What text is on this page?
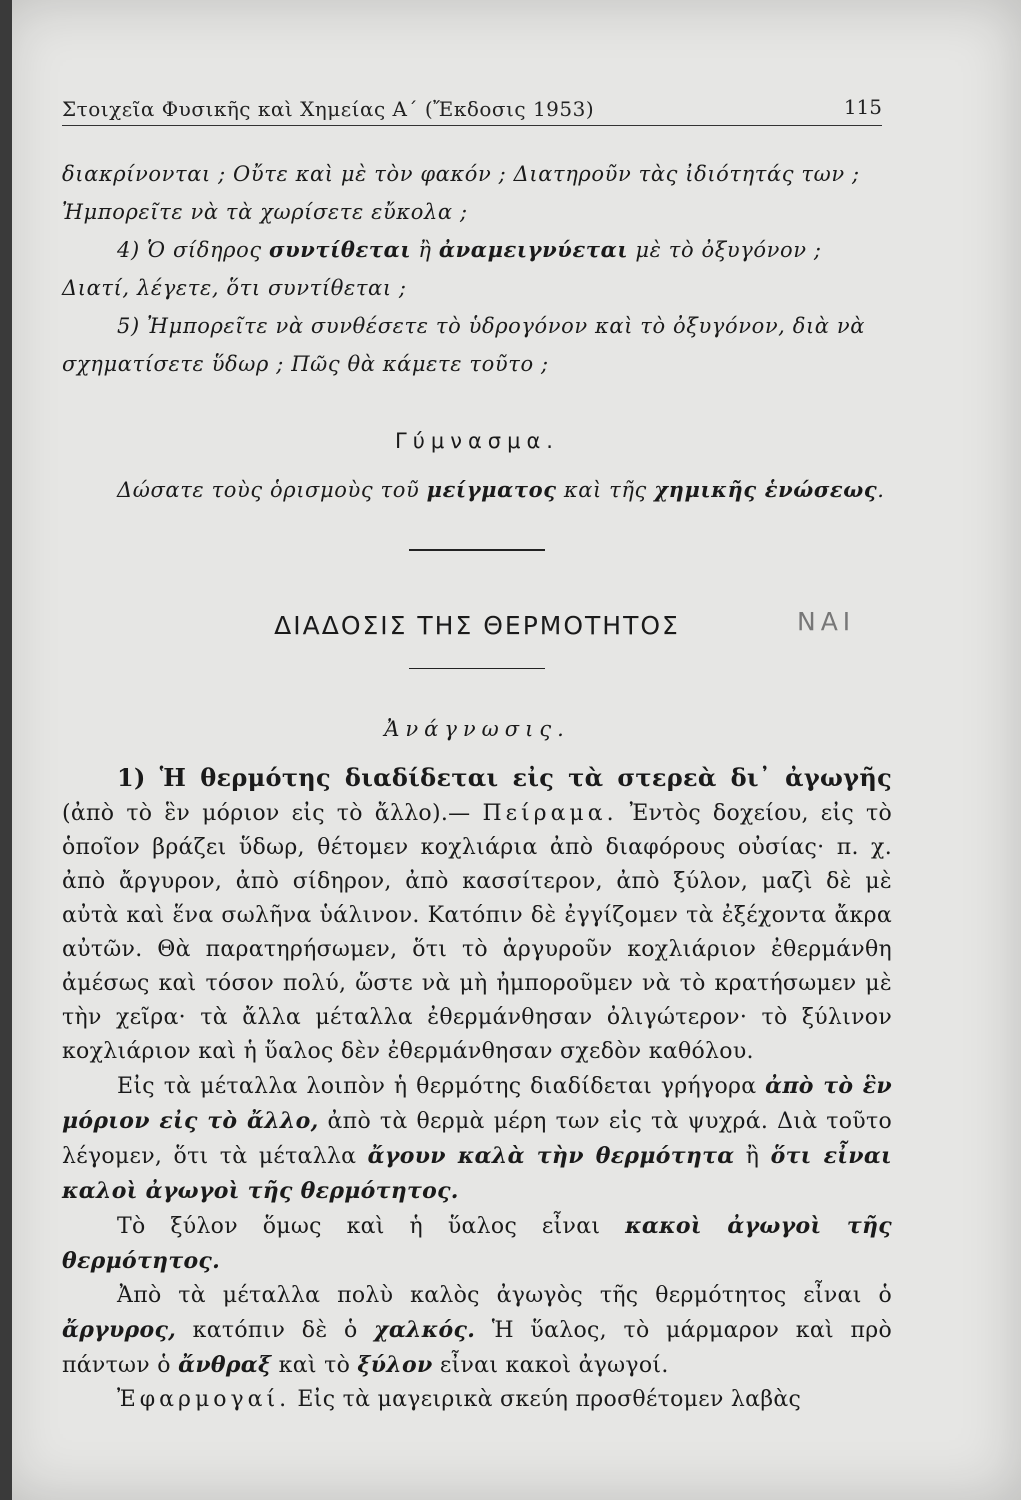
Στοιχεῖα Φυσικῆς καὶ Χημείας Α΄ (Ἔκδοσις 1953)	115

διακρίνονται ; Οὔτε καὶ μὲ τὸν φακόν ; Διατηροῦν τὰς ἰδιότητάς των ;

Ἠμπορεῖτε νὰ τὰ χωρίσετε εὔκολα ;

4) Ὁ σίδηρος συντίθεται ἢ ἀναμειγνύεται μὲ τὸ ὀξυγόνον ; Διατί, λέγετε, ὅτι συντίθεται ;

5) Ἠμπορεῖτε νὰ συνθέσετε τὸ ὑδρογόνον καὶ τὸ ὀξυγόνον, διὰ νὰ σχηματίσετε ὕδωρ ; Πῶς θὰ κάμετε τοῦτο ;

Γύμνασμα.

Δώσατε τοὺς ὁρισμοὺς τοῦ μείγματος καὶ τῆς χημικῆς ἑνώσεως.

ΔΙΑΔΟΣΙΣ ΤΗΣ ΘΕΡΜΟΤΗΤΟΣ	ΝΑΙ
Ἀνάγνωσις.

1) Ἡ θερμότης διαδίδεται εἰς τὰ στερεὰ δι᾽ ἀγωγῆς (ἀπὸ τὸ ἓν μόριον εἰς τὸ ἄλλο).— Πείραμα. Ἐντὸς δοχείου, εἰς τὸ ὁποῖον βράζει ὕδωρ, θέτομεν κοχλιάρια ἀπὸ διαφόρους οὐσίας· π. χ. ἀπὸ ἄργυρον, ἀπὸ σίδηρον, ἀπὸ κασσίτερον, ἀπὸ ξύλον, μαζὶ δὲ μὲ αὐτὰ καὶ ἕνα σωλῆνα ὑάλινον. Κατόπιν δὲ ἐγγίζομεν τὰ ἐξέχοντα ἄκρα αὐτῶν. Θὰ παρατηρήσωμεν, ὅτι τὸ ἀργυροῦν κοχλιάριον ἐθερμάνθη ἀμέσως καὶ τόσον πολύ, ὥστε νὰ μὴ ἠμποροῦμεν νὰ τὸ κρατήσωμεν μὲ τὴν χεῖρα· τὰ ἄλλα μέταλλα ἐθερμάνθησαν ὀλιγώτερον· τὸ ξύλινον κοχλιάριον καὶ ἡ ὕαλος δὲν ἐθερμάνθησαν σχεδὸν καθόλου.

Εἰς τὰ μέταλλα λοιπὸν ἡ θερμότης διαδίδεται γρήγορα ἀπὸ τὸ ἓν μόριον εἰς τὸ ἄλλο, ἀπὸ τὰ θερμὰ μέρη των εἰς τὰ ψυχρά. Διὰ τοῦτο λέγομεν, ὅτι τὰ μέταλλα ἄγουν καλὰ τὴν θερμότητα ἢ ὅτι εἶναι καλοὶ ἀγωγοὶ τῆς θερμότητος.

Τὸ ξύλον ὅμως καὶ ἡ ὕαλος εἶναι κακοὶ ἀγωγοὶ τῆς θερμότητος.

Ἀπὸ τὰ μέταλλα πολὺ καλὸς ἀγωγὸς τῆς θερμότητος εἶναι ὁ ἄργυρος, κατόπιν δὲ ὁ χαλκός. Ἡ ὕαλος, τὸ μάρμαρον καὶ πρὸ πάντων ὁ ἄνθραξ καὶ τὸ ξύλον εἶναι κακοὶ ἀγωγοί.

Ἐφαρμογαί. Εἰς τὰ μαγειρικὰ σκεύη προσθέτομεν λαβὰς
